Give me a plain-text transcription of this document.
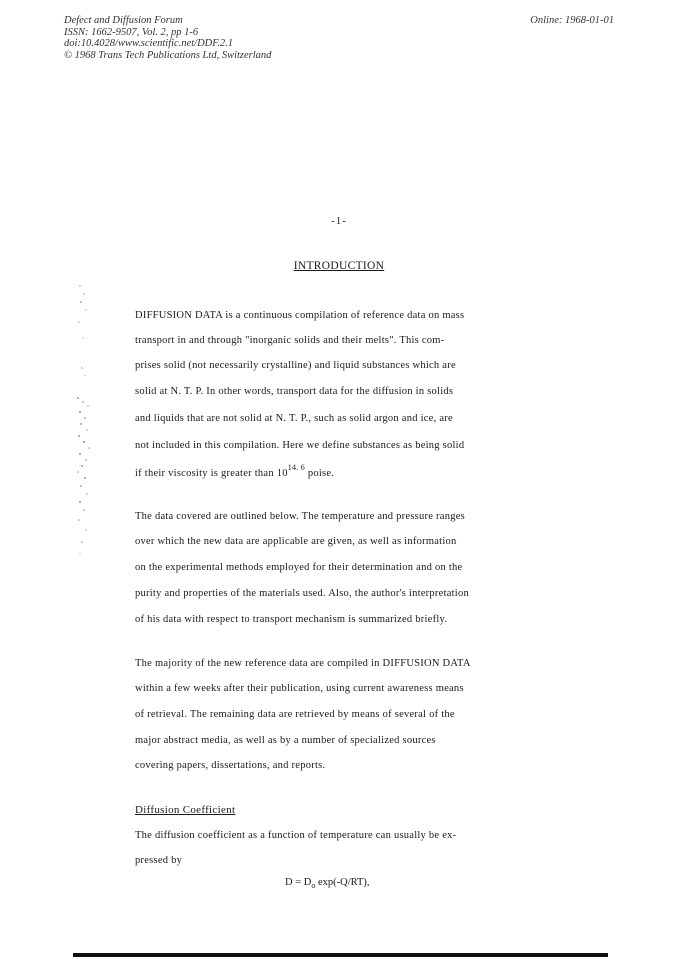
Defect and Diffusion Forum
ISSN: 1662-9507, Vol. 2, pp 1-6
doi:10.4028/www.scientific.net/DDF.2.1
© 1968 Trans Tech Publications Ltd, Switzerland
Online: 1968-01-01
-1-
INTRODUCTION
DIFFUSION DATA is a continuous compilation of reference data on mass
transport in and through "inorganic solids and their melts". This com-
prises solid (not necessarily crystalline) and liquid substances which are
solid at N. T. P. In other words, transport data for the diffusion in solids
and liquids that are not solid at N. T. P., such as solid argon and ice, are
not included in this compilation. Here we define substances as being solid
if their viscosity is greater than $10^{14. 6}$ poise.
The data covered are outlined below. The temperature and pressure ranges
over which the new data are applicable are given, as well as information
on the experimental methods employed for their determination and on the
purity and properties of the materials used. Also, the author's interpretation
of his data with respect to transport mechanism is summarized briefly.
The majority of the new reference data are compiled in DIFFUSION DATA
within a few weeks after their publication, using current awareness means
of retrieval. The remaining data are retrieved by means of several of the
major abstract media, as well as by a number of specialized sources
covering papers, dissertations, and reports.
Diffusion Coefficient
The diffusion coefficient as a function of temperature can usually be ex-
pressed by
$D = D_o$ exp(-Q/RT),
